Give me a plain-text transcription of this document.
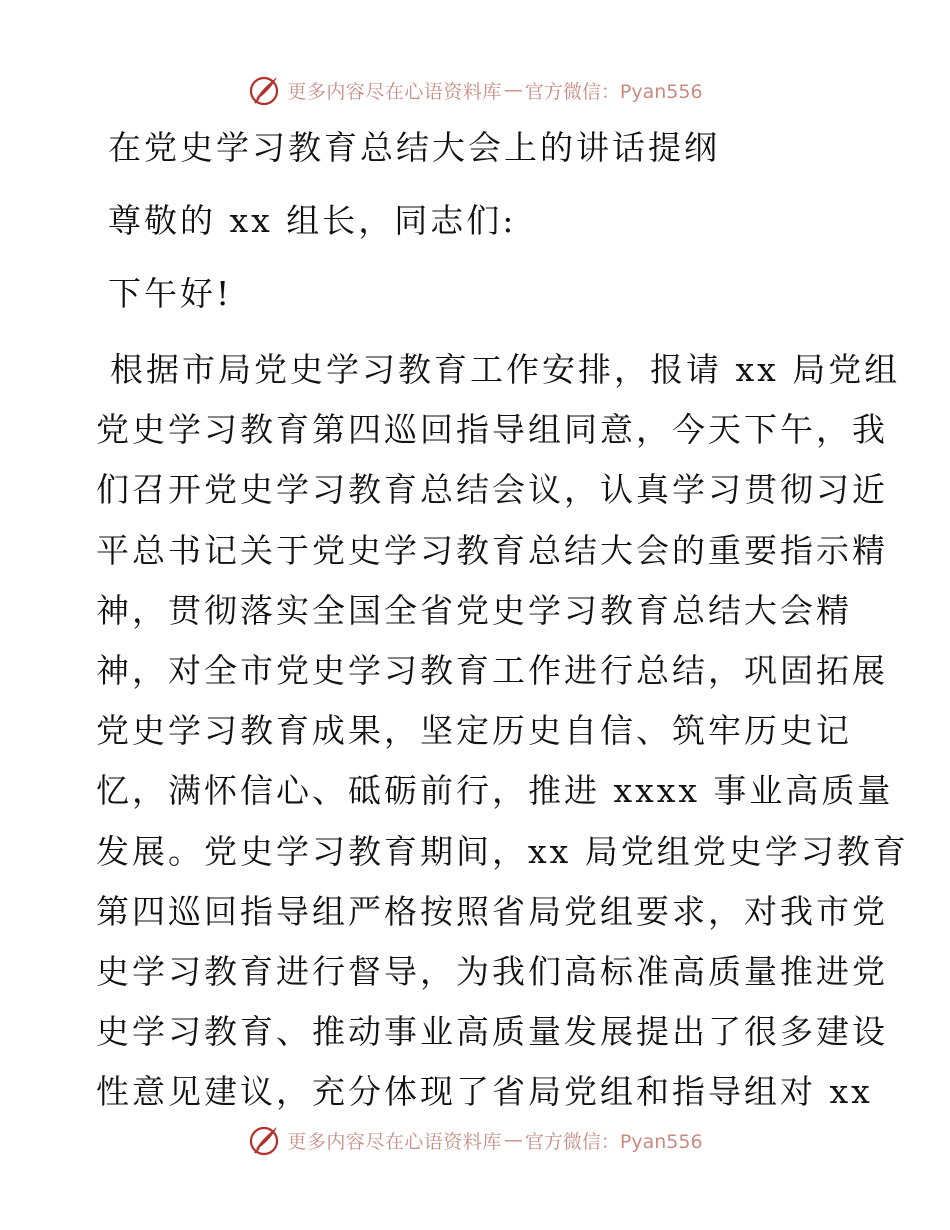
更多内容尽在心语资料库 — 官方微信：Pyan556
在党史学习教育总结大会上的讲话提纲
尊敬的 xx 组长，同志们:
下午好!
根据市局党史学习教育工作安排，报请 xx 局党组
党史学习教育第四巡回指导组同意，今天下午，我
们召开党史学习教育总结会议，认真学习贯彻习近
平总书记关于党史学习教育总结大会的重要指示精
神，贯彻落实全国全省党史学习教育总结大会精
神，对全市党史学习教育工作进行总结，巩固拓展
党史学习教育成果，坚定历史自信、筑牢历史记
忆，满怀信心、砥砺前行，推进 xxxx 事业高质量
发展。党史学习教育期间，xx 局党组党史学习教育
第四巡回指导组严格按照省局党组要求，对我市党
史学习教育进行督导，为我们高标准高质量推进党
史学习教育、推动事业高质量发展提出了很多建设
性意见建议，充分体现了省局党组和指导组对 xx
更多内容尽在心语资料库 — 官方微信：Pyan556
